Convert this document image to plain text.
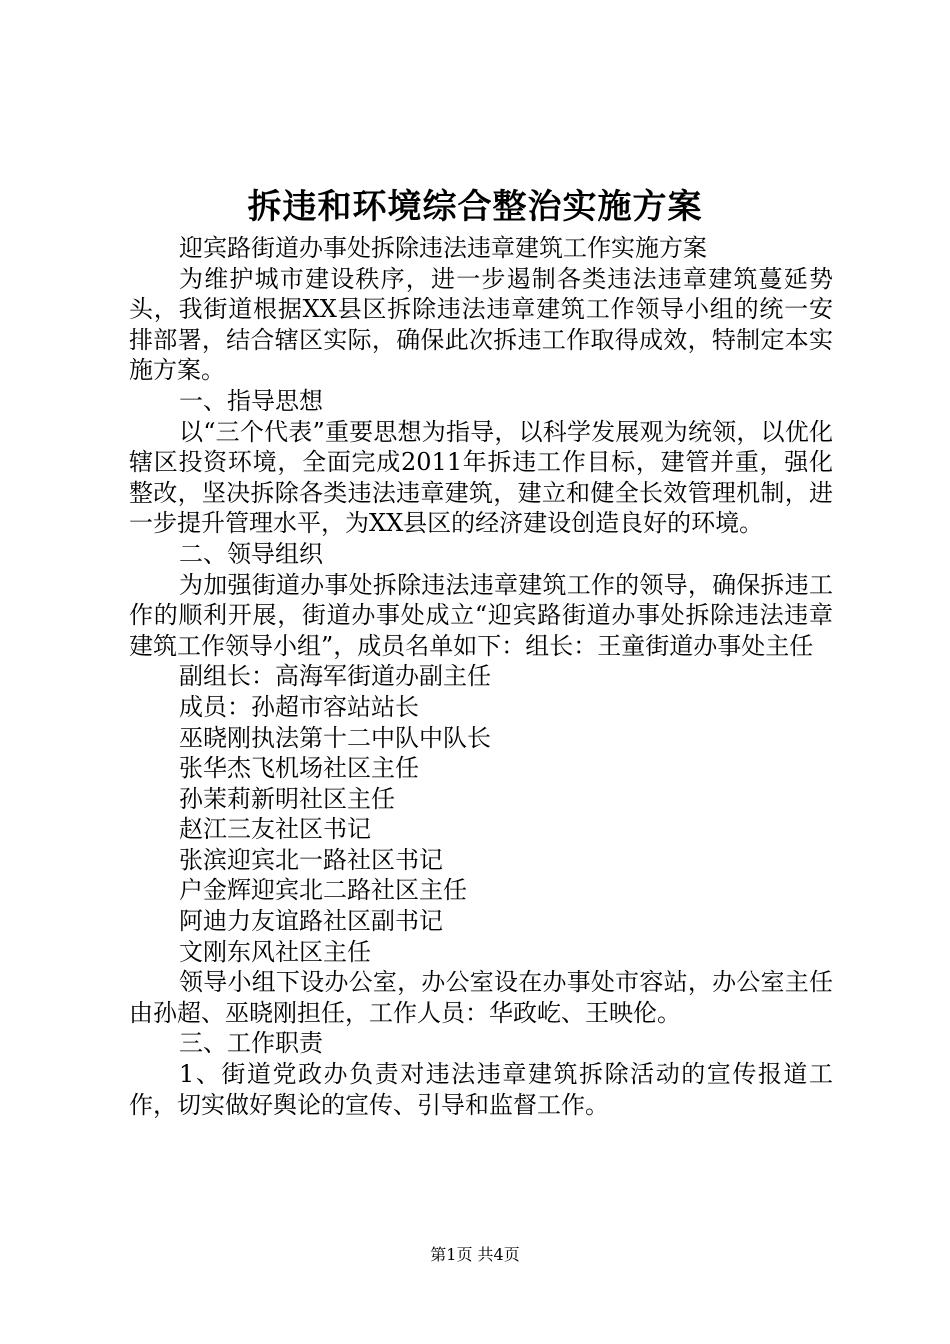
拆违和环境综合整治实施方案

迎宾路街道办事处拆除违法违章建筑工作实施方案

为维护城市建设秩序，进一步遏制各类违法违章建筑蔓延势头，我街道根据XX县区拆除违法违章建筑工作领导小组的统一安排部署，结合辖区实际，确保此次拆违工作取得成效，特制定本实施方案。

一、指导思想

以“三个代表”重要思想为指导，以科学发展观为统领，以优化辖区投资环境，全面完成2011年拆违工作目标，建管并重，强化整改，坚决拆除各类违法违章建筑，建立和健全长效管理机制，进一步提升管理水平，为XX县区的经济建设创造良好的环境。

二、领导组织

为加强街道办事处拆除违法违章建筑工作的领导，确保拆违工作的顺利开展，街道办事处成立“迎宾路街道办事处拆除违法违章建筑工作领导小组”，成员名单如下：组长：王童街道办事处主任

副组长：高海军街道办副主任

成员：孙超市容站站长

巫晓刚执法第十二中队中队长

张华杰飞机场社区主任

孙茉莉新明社区主任

赵江三友社区书记

张滨迎宾北一路社区书记

户金辉迎宾北二路社区主任

阿迪力友谊路社区副书记

文刚东风社区主任

领导小组下设办公室，办公室设在办事处市容站，办公室主任由孙超、巫晓刚担任，工作人员：华政屹、王映伦。

三、工作职责

1、街道党政办负责对违法违章建筑拆除活动的宣传报道工作，切实做好舆论的宣传、引导和监督工作。

第1页 共4页
